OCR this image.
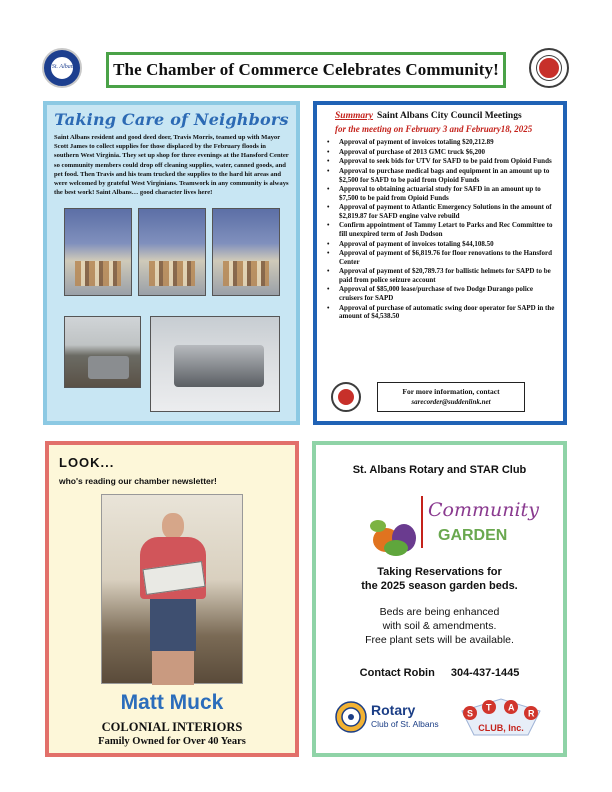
St. Albans The Chamber of Commerce Celebrates Community!
Taking Care of Neighbors

Saint Albans resident and good deed doer, Travis Morris, teamed up with Mayor Scott James to collect supplies for those displaced by the February floods in southern West Virginia. They set up shop for three evenings at the Hansford Center so community members could drop off cleaning supplies, water, canned goods, and pet food. Then Travis and his team trucked the supplies to the hard hit areas and were welcomed by grateful West Virginians. Teamwork in any community is always the best work! Saint Albans… good character lives here!

Summary Saint Albans City Council Meetings
for the meeting on February 3 and February18, 2025
• Approval of payment of invoices totaling $20,212.89
• Approval of purchase of 2013 GMC truck $6,200
• Approval to seek bids for UTV for SAFD to be paid from Opioid Funds
• Approval to purchase medical bags and equipment in an amount up to $2,500 for SAFD to be paid from Opioid Funds
• Approval to obtaining actuarial study for SAFD in an amount up to $7,500 to be paid from Opioid Funds
• Approval of payment to Atlantic Emergency Solutions in the amount of $2,819.87 for SAFD engine valve rebuild
• Confirm appointment of Tammy Letart to Parks and Rec Committee to fill unexpired term of Josh Dodson
• Approval of payment of invoices totaling $44,108.50
• Approval of payment of $6,819.76 for floor renovations to the Hansford Center
• Approval of payment of $20,789.73 for ballistic helmets for SAPD to be paid from police seizure account
• Approval of $85,000 lease/purchase of two Dodge Durango police cruisers for SAPD
• Approval of purchase of automatic swing door operator for SAPD in the amount of $4,538.50
For more information, contact
sarecorder@suddenlink.net
LOOK...
who's reading our chamber newsletter!
Matt Muck
COLONIAL INTERIORS
Family Owned for Over 40 Years
St. Albans Rotary and STAR Club
Community
GARDEN
Taking Reservations for
the 2025 season garden beds.
Beds are being enhanced
with soil & amendments.
Free plant sets will be available.
Contact Robin 304-437-1445
Rotary
Club of St. Albans
S
T A
R
CLUB, Inc.
